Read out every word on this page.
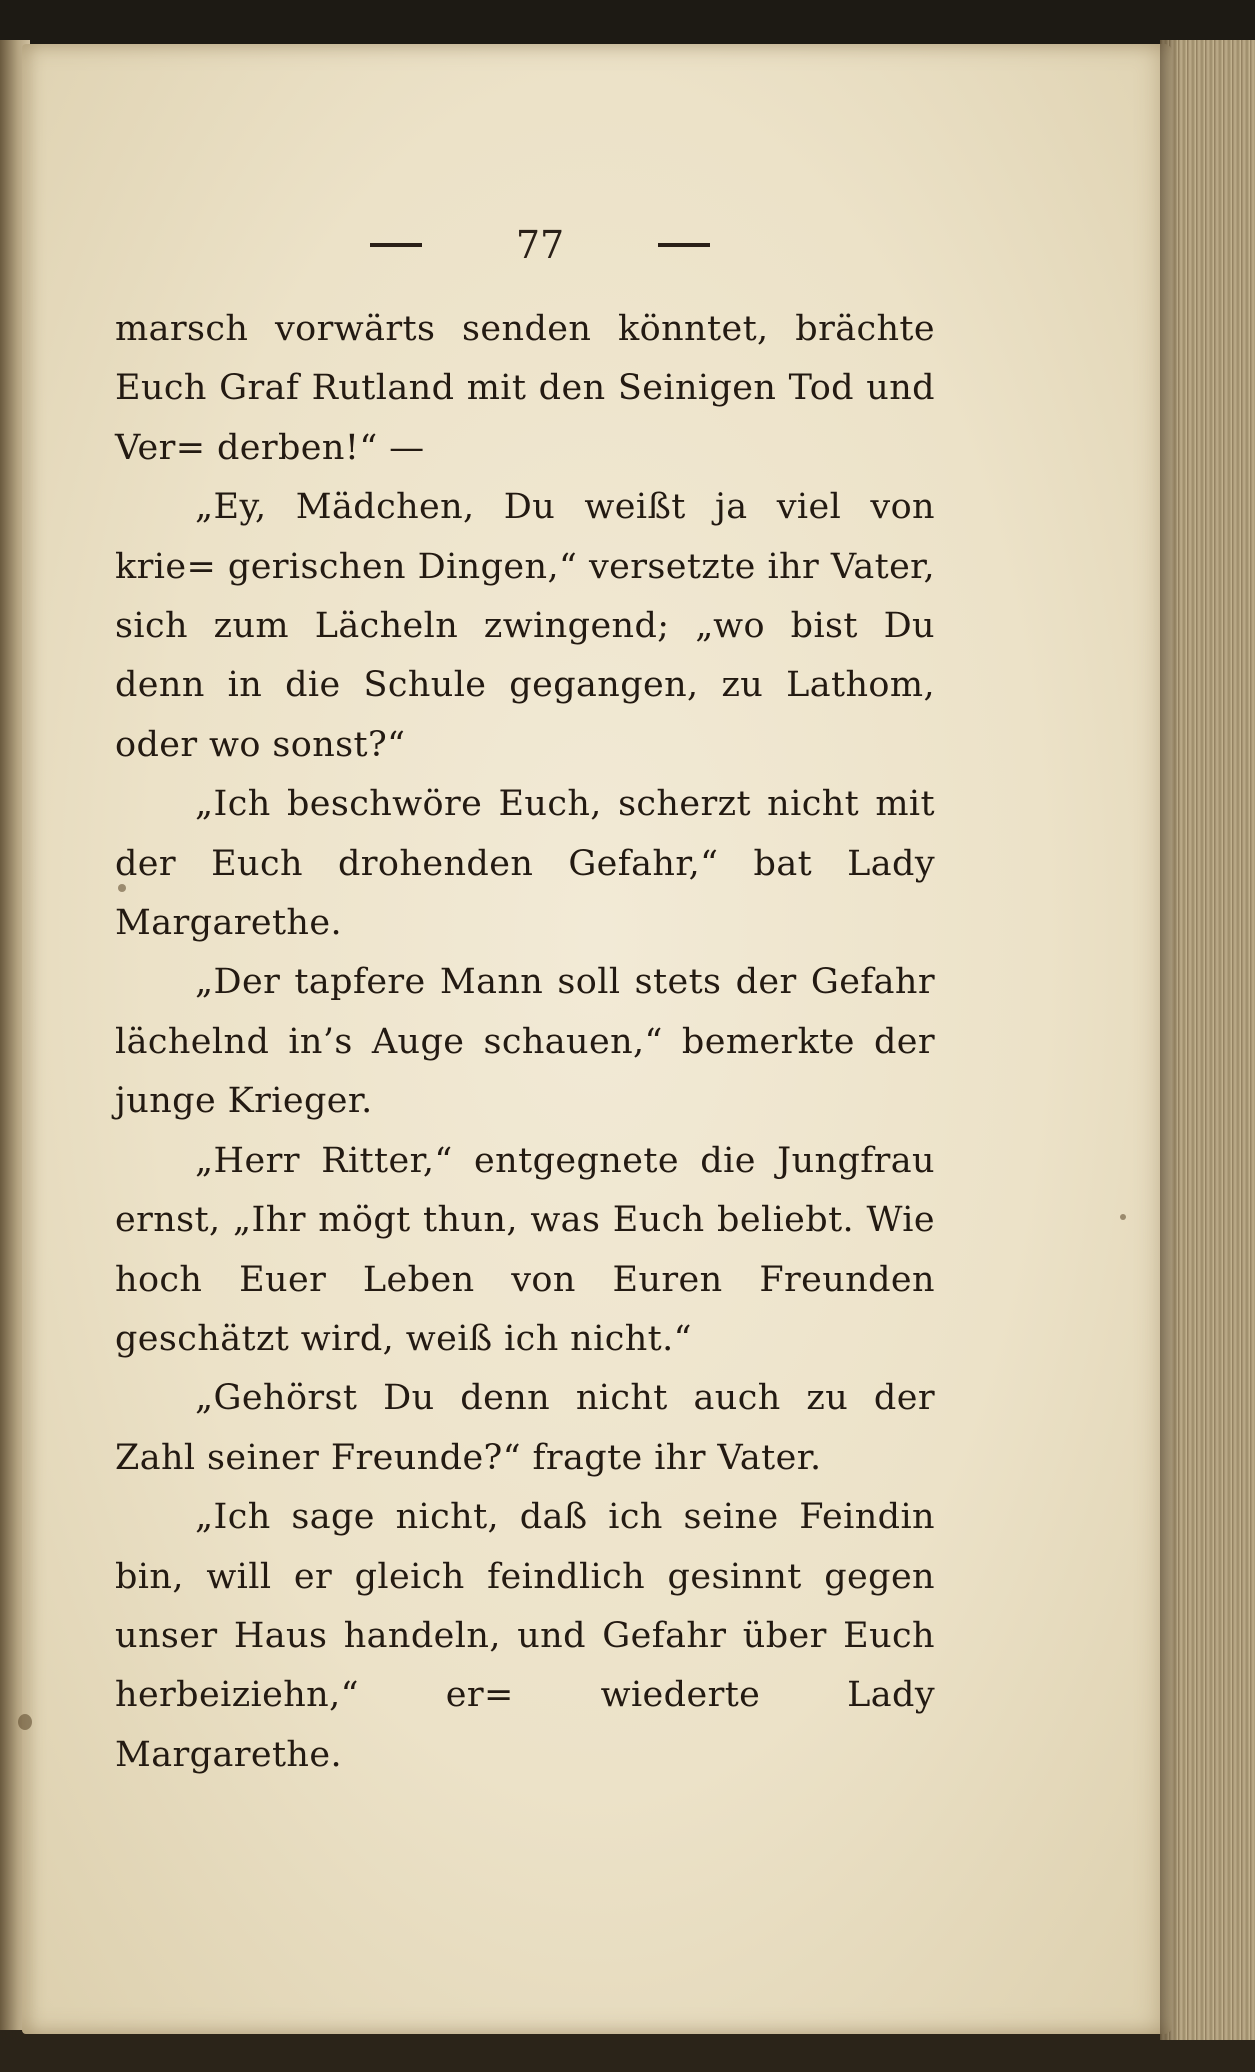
77

marsch vorwärts senden könntet, brächte Euch Graf Rutland mit den Seinigen Tod und Ver= derben!“ —

„Ey, Mädchen, Du weißt ja viel von krie= gerischen Dingen,“ versetzte ihr Vater, sich zum Lächeln zwingend; „wo bist Du denn in die Schule gegangen, zu Lathom, oder wo sonst?“

„Ich beschwöre Euch, scherzt nicht mit der Euch drohenden Gefahr,“ bat Lady Margarethe.

„Der tapfere Mann soll stets der Gefahr lächelnd in’s Auge schauen,“ bemerkte der junge Krieger.

„Herr Ritter,“ entgegnete die Jungfrau ernst, „Ihr mögt thun, was Euch beliebt. Wie hoch Euer Leben von Euren Freunden geschätzt wird, weiß ich nicht.“

„Gehörst Du denn nicht auch zu der Zahl seiner Freunde?“ fragte ihr Vater.

„Ich sage nicht, daß ich seine Feindin bin, will er gleich feindlich gesinnt gegen unser Haus handeln, und Gefahr über Euch herbeiziehn,“ er= wiederte Lady Margarethe.
